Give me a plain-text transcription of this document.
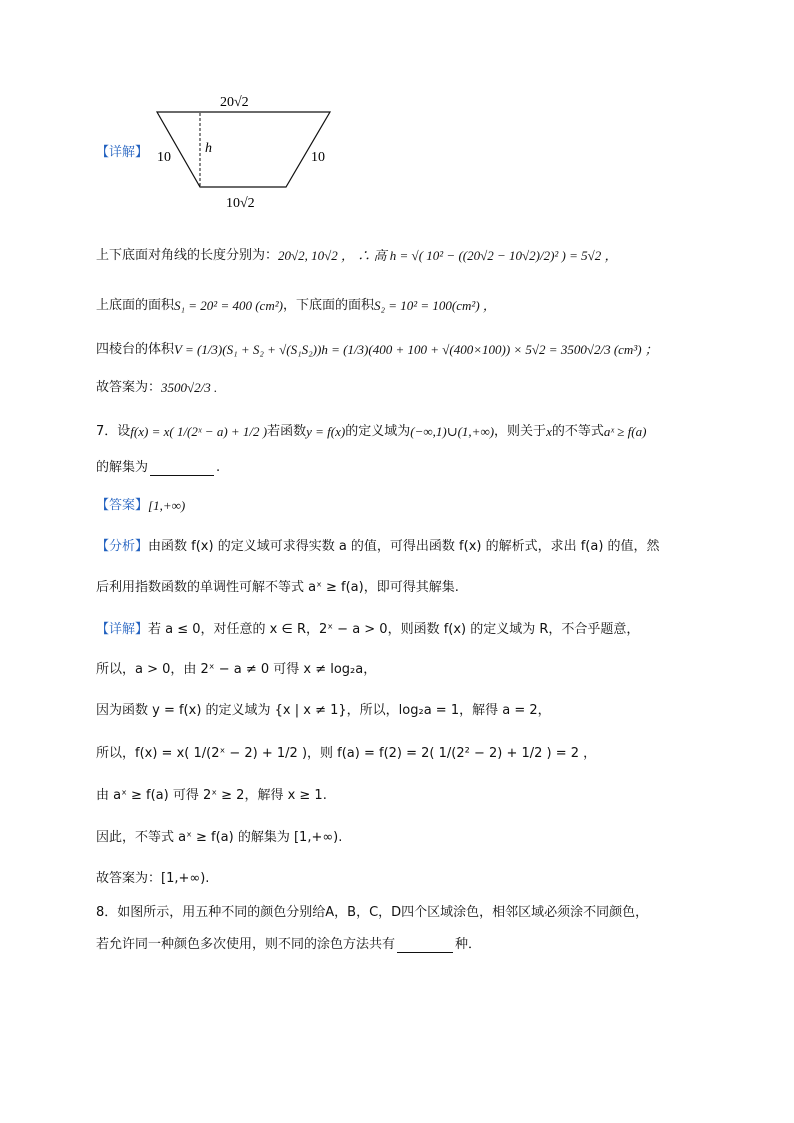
20√2
10√2
10	10
h
【详解】
上下底面对角线的长度分别为： 20√2, 10√2 ， ∴ 高 h = √( 10² − ((20√2 − 10√2)/2)² ) = 5√2 ，
上底面的面积 S₁ = 20² = 400 (cm²) ，下底面的面积 S₂ = 10² = 100(cm²) ，
四棱台的体积 V = (1/3)(S₁ + S₂ + √(S₁S₂))h = (1/3)(400 + 100 + √(400×100)) × 5√2 = 3500√2/3 (cm³) ；
故答案为： 3500√2/3 .
7．设 f(x) = x( 1/(2ˣ − a) + 1/2 ) 若函数 y = f(x) 的定义域为 (−∞,1)∪(1,+∞) ，则关于 x 的不等式 aˣ ≥ f(a)
的解集为	.
【答案】 [1,+∞)
【分析】 由函数 f(x) 的定义域可求得实数 a 的值，可得出函数 f(x) 的解析式，求出 f(a) 的值，然
后利用指数函数的单调性可解不等式 aˣ ≥ f(a)，即可得其解集.
【详解】 若 a ≤ 0，对任意的 x ∈ R，2ˣ − a > 0，则函数 f(x) 的定义域为 R，不合乎题意，
所以，a > 0，由 2ˣ − a ≠ 0 可得 x ≠ log₂a，
因为函数 y = f(x) 的定义域为 {x | x ≠ 1}，所以，log₂a = 1，解得 a = 2，
所以，f(x) = x( 1/(2ˣ − 2) + 1/2 )，则 f(a) = f(2) = 2( 1/(2² − 2) + 1/2 ) = 2 ，
由 aˣ ≥ f(a) 可得 2ˣ ≥ 2，解得 x ≥ 1.
因此，不等式 aˣ ≥ f(a) 的解集为 [1,+∞).
故答案为：[1,+∞).
8．如图所示，用五种不同的颜色分别给A，B，C，D四个区域涂色，相邻区域必须涂不同颜色，
若允许同一种颜色多次使用，则不同的涂色方法共有	种．
